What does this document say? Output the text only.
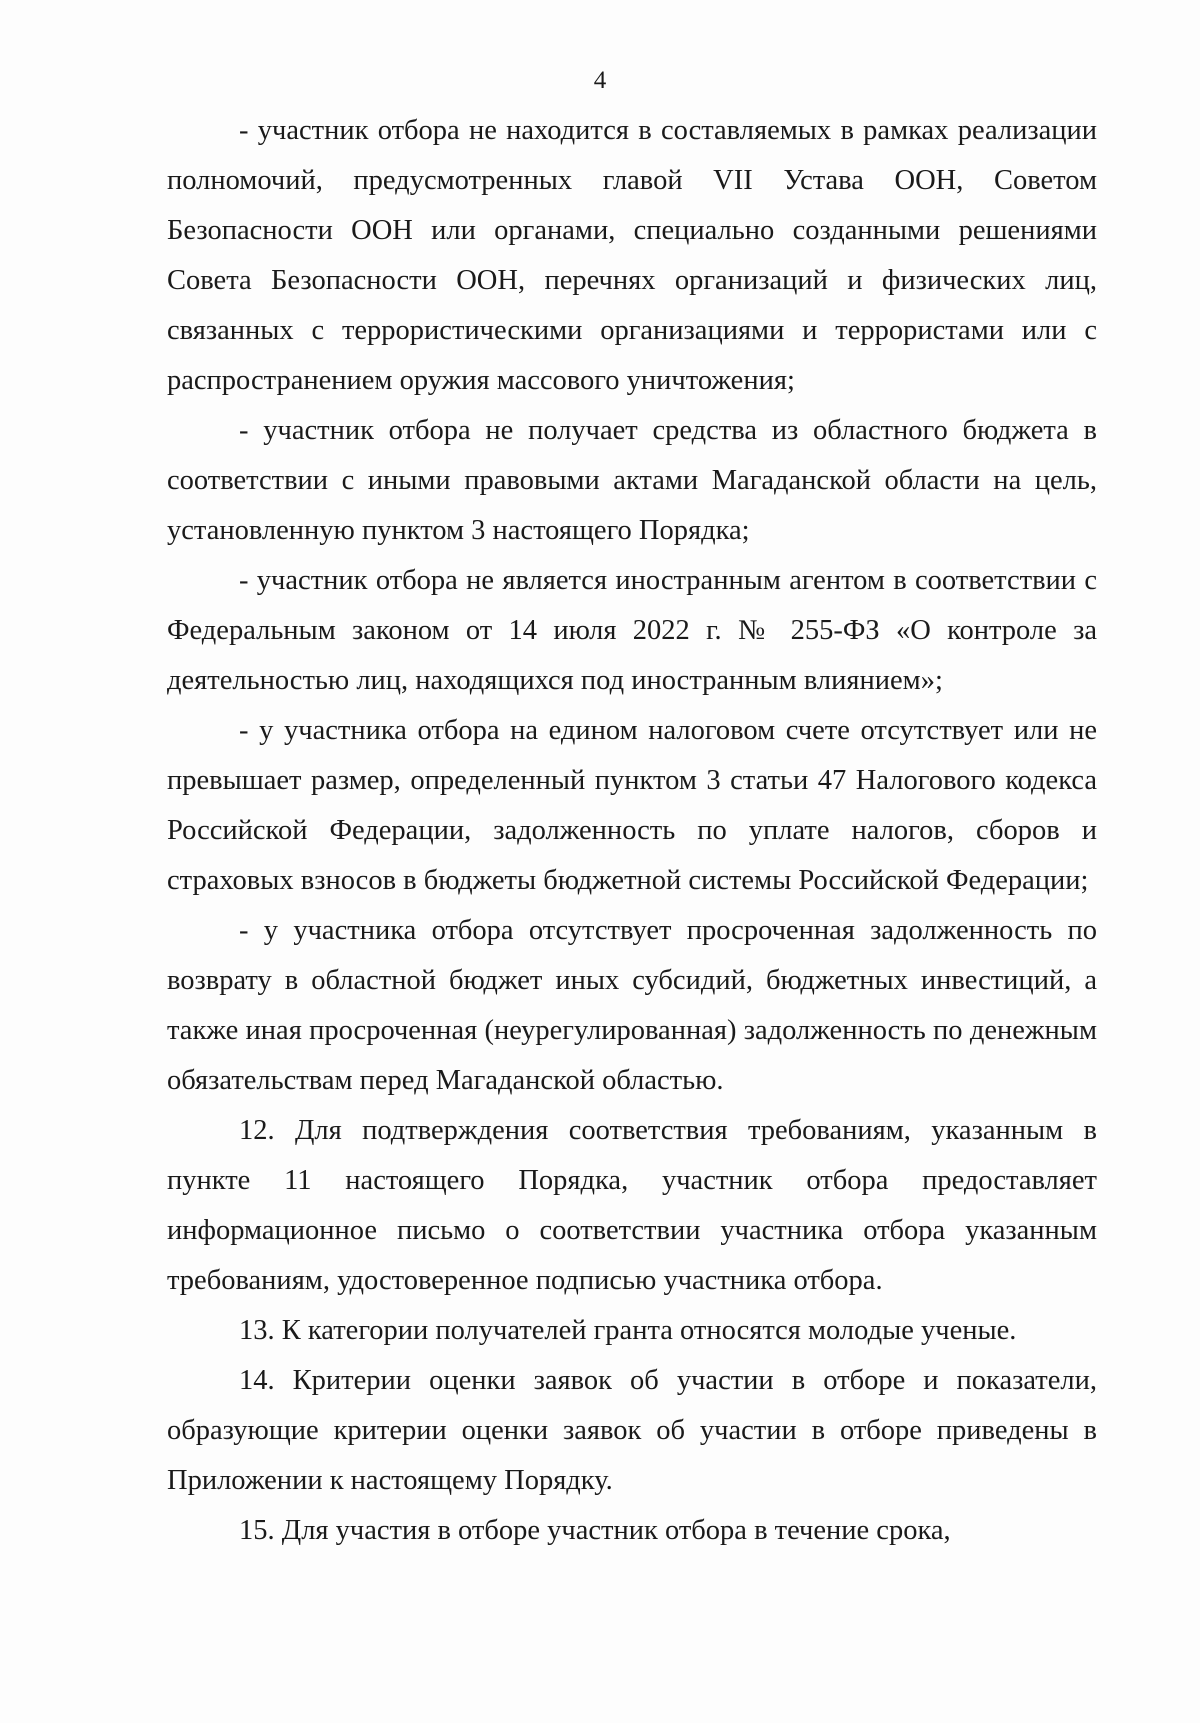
4

- участник отбора не находится в составляемых в рамках реализации полномочий, предусмотренных главой VII Устава ООН, Советом Безопасности ООН или органами, специально созданными решениями Совета Безопасности ООН, перечнях организаций и физических лиц, связанных с террористическими организациями и террористами или с распространением оружия массового уничтожения;

- участник отбора не получает средства из областного бюджета в соответствии с иными правовыми актами Магаданской области на цель, установленную пунктом 3 настоящего Порядка;

- участник отбора не является иностранным агентом в соответствии с Федеральным законом от 14 июля 2022 г. № 255-ФЗ «О контроле за деятельностью лиц, находящихся под иностранным влиянием»;

- у участника отбора на едином налоговом счете отсутствует или не превышает размер, определенный пунктом 3 статьи 47 Налогового кодекса Российской Федерации, задолженность по уплате налогов, сборов и страховых взносов в бюджеты бюджетной системы Российской Федерации;

- у участника отбора отсутствует просроченная задолженность по возврату в областной бюджет иных субсидий, бюджетных инвестиций, а также иная просроченная (неурегулированная) задолженность по денежным обязательствам перед Магаданской областью.

12. Для подтверждения соответствия требованиям, указанным в пункте 11 настоящего Порядка, участник отбора предоставляет информационное письмо о соответствии участника отбора указанным требованиям, удостоверенное подписью участника отбора.

13. К категории получателей гранта относятся молодые ученые.

14. Критерии оценки заявок об участии в отборе и показатели, образующие критерии оценки заявок об участии в отборе приведены в Приложении к настоящему Порядку.

15. Для участия в отборе участник отбора в течение срока,
